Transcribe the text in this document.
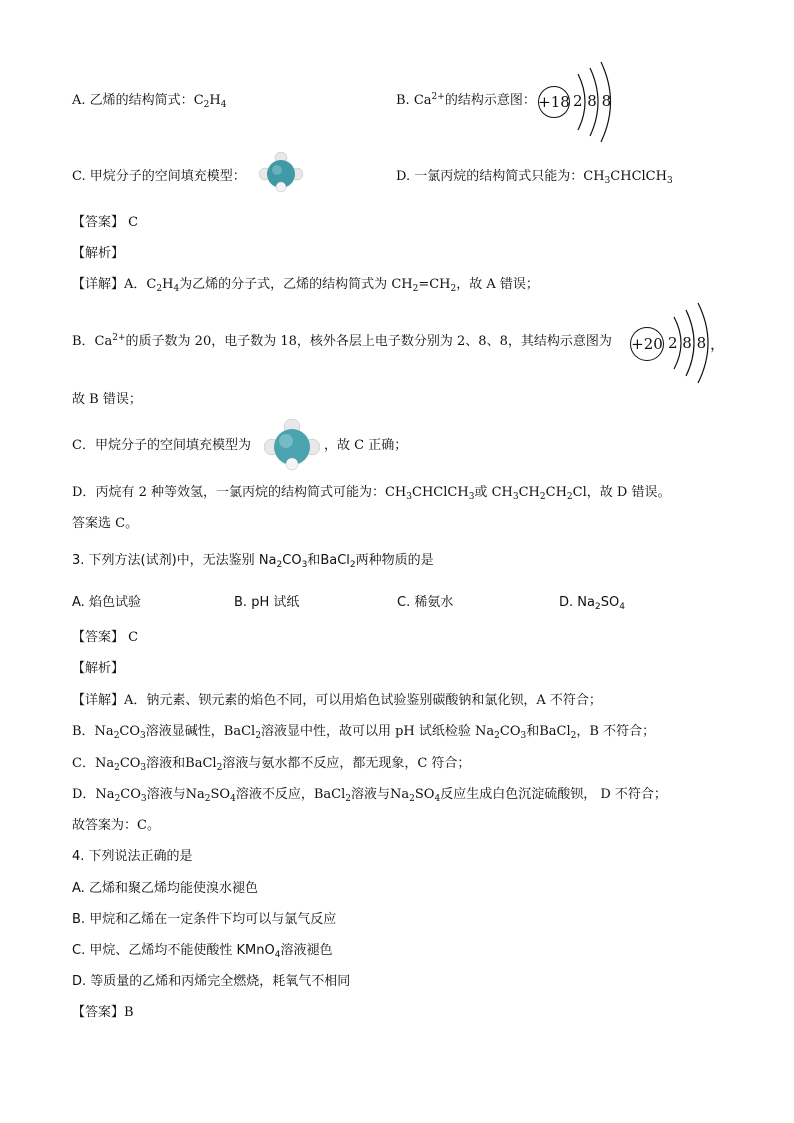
A. 乙烯的结构简式：$C_2H_4$	B. $Ca^{2+}$的结构示意图： +18 2 8 8
C. 甲烷分子的空间填充模型：	D. 一氯丙烷的结构简式只能为：$CH_3CHClCH_3$
【答案】 C
【解析】
【详解】A．$C_2H_4$为乙烯的分子式，乙烯的结构简式为 $CH_2=CH_2$，故 A 错误；
B．$Ca^{2+}$的质子数为 20，电子数为 18，核外各层上电子数分别为 2、8、8，其结构示意图为 +20 2 8 8 ，
故 B 错误；
C．甲烷分子的空间填充模型为	，故 C 正确；
D．丙烷有 2 种等效氢，一氯丙烷的结构简式可能为：$CH_3CHClCH_3$或 $CH_3CH_2CH_2Cl$，故 D 错误。
答案选 C。
3. 下列方法(试剂)中，无法鉴别 $Na_2CO_3$和BaCl$_2$两种物质的是
A. 焰色试验	B. pH 试纸	C. 稀氨水	D. $Na_2SO_4$
【答案】 C
【解析】
【详解】A．钠元素、钡元素的焰色不同，可以用焰色试验鉴别碳酸钠和氯化钡，A 不符合；
B．$Na_2CO_3$溶液显碱性，BaCl$_2$溶液显中性，故可以用 pH 试纸检验 $Na_2CO_3$和BaCl$_2$，B 不符合；
C．$Na_2CO_3$溶液和BaCl$_2$溶液与氨水都不反应，都无现象，C 符合；
D．$Na_2CO_3$溶液与$Na_2SO_4$溶液不反应，BaCl$_2$溶液与$Na_2SO_4$反应生成白色沉淀硫酸钡， D 不符合；
故答案为：C。
4. 下列说法正确的是
A. 乙烯和聚乙烯均能使溴水褪色
B. 甲烷和乙烯在一定条件下均可以与氯气反应
C. 甲烷、乙烯均不能使酸性 KMnO$_4$溶液褪色
D. 等质量的乙烯和丙烯完全燃烧，耗氧气不相同
【答案】B
